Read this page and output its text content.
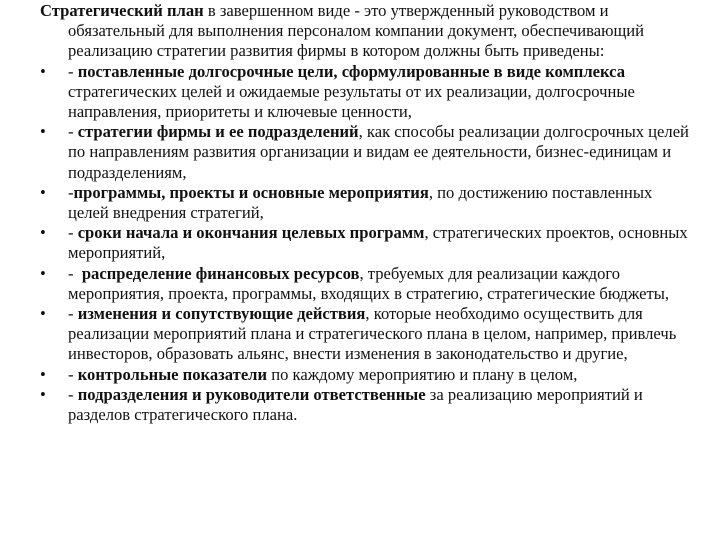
Стратегический план в завершенном виде - это утвержденный руководством и обязательный для выполнения персоналом компании документ, обеспечивающий реализацию стратегии развития фирмы в котором должны быть приведены:

•	- поставленные долгосрочные цели, сформулированные в виде комплекса стратегических целей и ожидаемые результаты от их реализации, долгосрочные направления, приоритеты и ключевые ценности,
•	- стратегии фирмы и ее подразделений, как способы реализации долгосрочных целей по направлениям развития организации и видам ее деятельности, бизнес-единицам и подразделениям,
•	-программы, проекты и основные мероприятия, по достижению поставленных целей внедрения стратегий,
•	- сроки начала и окончания целевых программ, стратегических проектов, основных мероприятий,
•	-  распределение финансовых ресурсов, требуемых для реализации каждого мероприятия, проекта, программы, входящих в стратегию, стратегические бюджеты,
•	- изменения и сопутствующие действия, которые необходимо осуществить для реализации мероприятий плана и стратегического плана в целом, например, привлечь инвесторов, образовать альянс, внести изменения в законодательство и другие,
•	- контрольные показатели по каждому мероприятию и плану в целом,
•	- подразделения и руководители ответственные за реализацию мероприятий и разделов стратегического плана.
